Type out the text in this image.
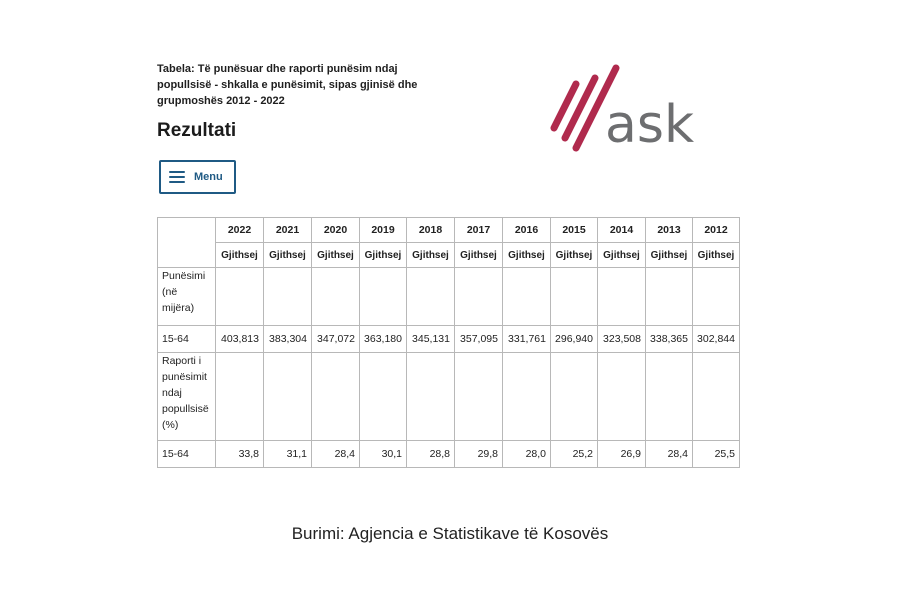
Tabela: Të punësuar dhe raporti punësim ndaj popullsisë - shkalla e punësimit, sipas gjinisë dhe grupmoshës 2012 - 2022
Rezultati
Menu
ask
	2022	2021	2020	2019	2018	2017	2016	2015	2014	2013	2012
	Gjithsej	Gjithsej	Gjithsej	Gjithsej	Gjithsej	Gjithsej	Gjithsej	Gjithsej	Gjithsej	Gjithsej	Gjithsej
Punësimi (në mijëra)											
15-64	403,813	383,304	347,072	363,180	345,131	357,095	331,761	296,940	323,508	338,365	302,844
Raporti i punësimit ndaj popullsisë (%)											
15-64	33,8	31,1	28,4	30,1	28,8	29,8	28,0	25,2	26,9	28,4	25,5
Burimi: Agjencia e Statistikave të Kosovës
